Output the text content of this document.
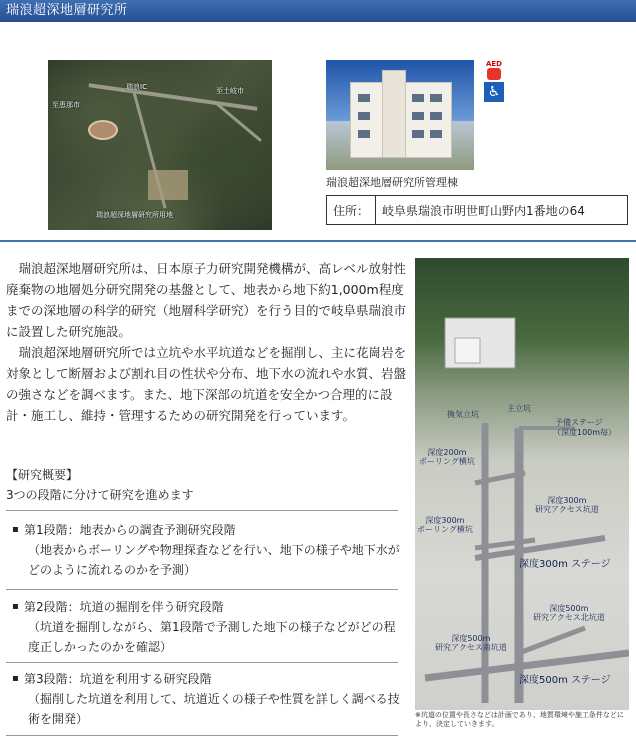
瑞浪超深地層研究所
瑞浪IC
至恵那市
至土岐市
瑞浪超深地層研究所用地
AED
♿
瑞浪超深地層研究所管理棟
住所：	岐阜県瑞浪市明世町山野内1番地の64

瑞浪超深地層研究所は、日本原子力研究開発機構が、高レベル放射性廃棄物の地層処分研究開発の基盤として、地表から地下約1,000m程度までの深地層の科学的研究（地層科学研究）を行う目的で岐阜県瑞浪市に設置した研究施設。

瑞浪超深地層研究所では立坑や水平坑道などを掘削し、主に花崗岩を対象として断層および割れ目の性状や分布、地下水の流れや水質、岩盤の強さなどを調べます。また、地下深部の坑道を安全かつ合理的に設計・施工し、維持・管理するための研究開発を行っています。

【研究概要】
3つの段階に分けて研究を進めます
▪ 第1段階：地表からの調査予測研究段階
（地表からボーリングや物理探査などを行い、地下の様子や地下水がどのように流れるのかを予測）
▪ 第2段階：坑道の掘削を伴う研究段階
（坑道を掘削しながら、第1段階で予測した地下の様子などがどの程度正しかったのかを確認）
▪ 第3段階：坑道を利用する研究段階
（掘削した坑道を利用して、坑道近くの様子や性質を詳しく調べる技術を開発）
換気立坑
主立坑
予備ステージ
（深度100m毎）
深度200m
ボーリング横坑
深度300m
研究アクセス坑道
深度300m
ボーリング横坑
深度300m ステージ
深度500m
研究アクセス北坑道
深度500m
研究アクセス南坑道
深度500m ステージ
※坑道の位置や長さなどは計画であり、地質環境や施工条件などにより、決定していきます。
